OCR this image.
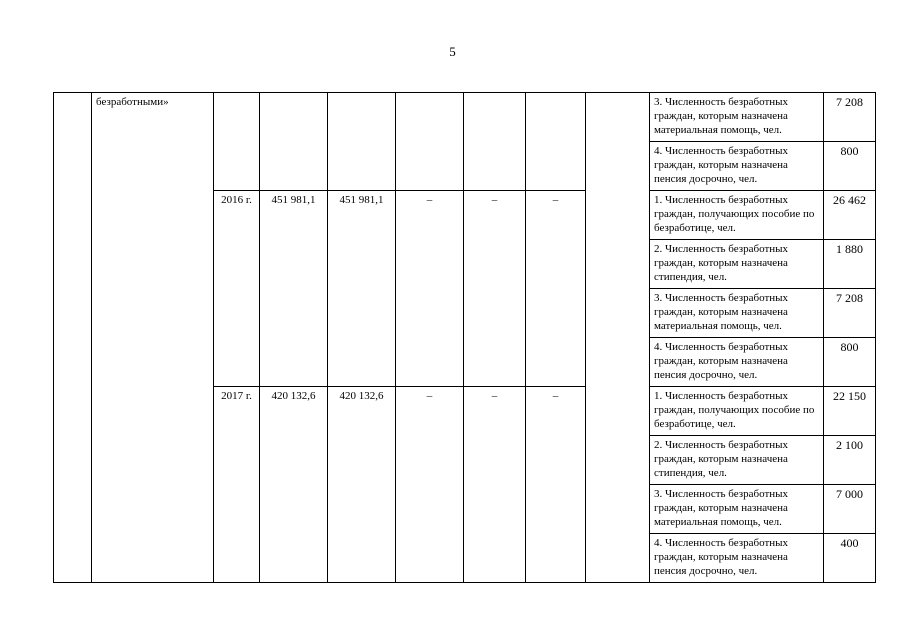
5
	безработными»								3. Численность безработных граждан, которым назначена материальная помощь, чел.	7 208
									4. Численность безработных граждан, которым назначена пенсия досрочно, чел.	800
		2016 г.	451 981,1	451 981,1	–	–	–		1. Численность безработных граждан, получающих пособие по безработице, чел.	26 462
									2. Численность безработных граждан, которым назначена стипендия, чел.	1 880
									3. Численность безработных граждан, которым назначена материальная помощь, чел.	7 208
									4. Численность безработных граждан, которым назначена пенсия досрочно, чел.	800
		2017 г.	420 132,6	420 132,6	–	–	–		1. Численность безработных граждан, получающих пособие по безработице, чел.	22 150
									2. Численность безработных граждан, которым назначена стипендия, чел.	2 100
									3. Численность безработных граждан, которым назначена материальная помощь, чел.	7 000
									4. Численность безработных граждан, которым назначена пенсия досрочно, чел.	400
